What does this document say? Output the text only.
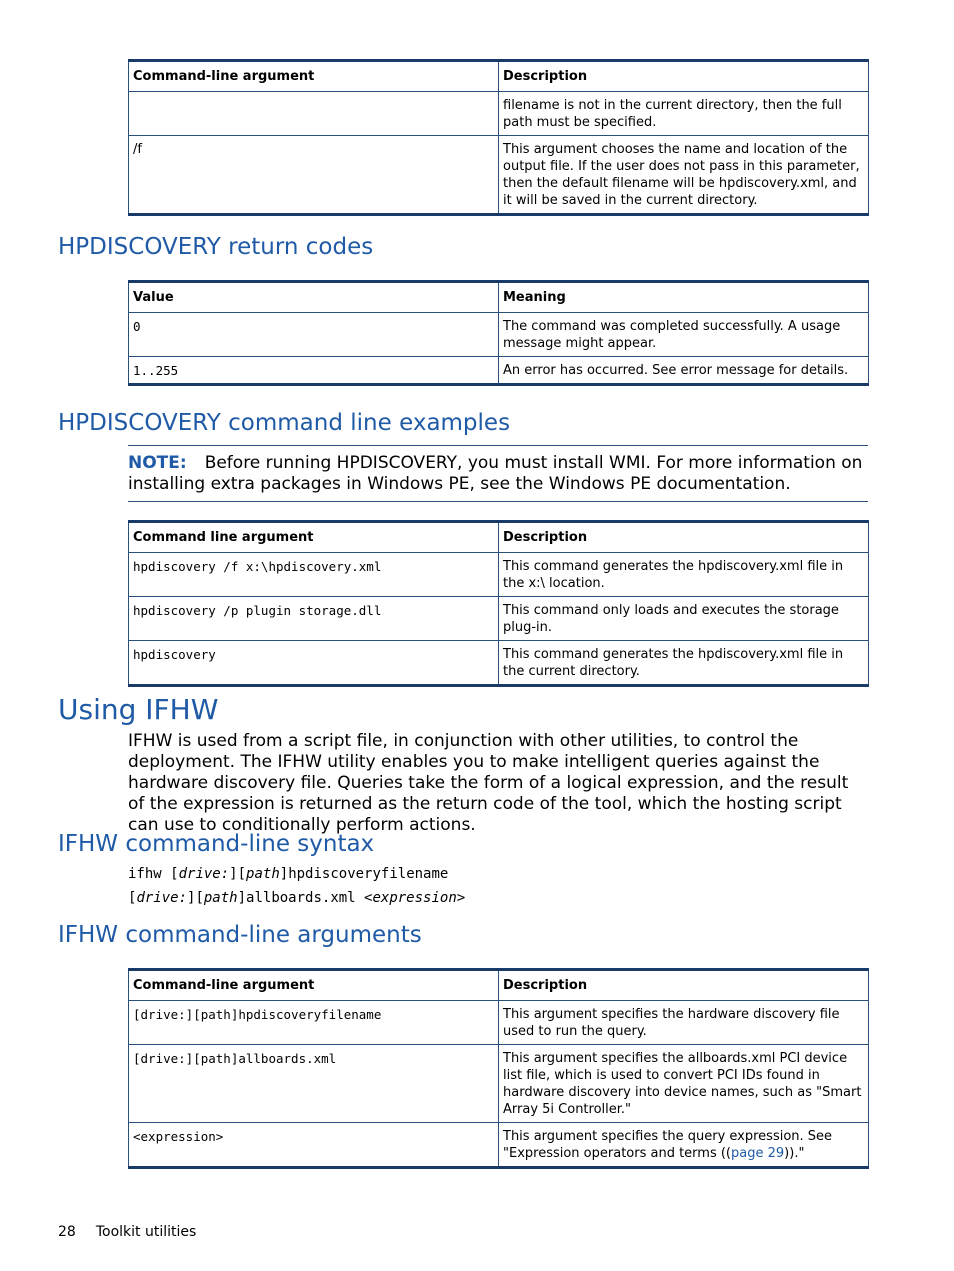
Command-line argument	Description
	filename is not in the current directory, then the full path must be specified.
/f	This argument chooses the name and location of the output file. If the user does not pass in this parameter, then the default filename will be hpdiscovery.xml, and it will be saved in the current directory.
HPDISCOVERY return codes
Value	Meaning
0	The command was completed successfully. A usage message might appear.
1..255	An error has occurred. See error message for details.
HPDISCOVERY command line examples
NOTE: Before running HPDISCOVERY, you must install WMI. For more information on installing extra packages in Windows PE, see the Windows PE documentation.
Command line argument	Description
hpdiscovery /f x:\hpdiscovery.xml	This command generates the hpdiscovery.xml file in the x:\ location.
hpdiscovery /p plugin storage.dll	This command only loads and executes the storage plug-in.
hpdiscovery	This command generates the hpdiscovery.xml file in the current directory.
Using IFHW

IFHW is used from a script file, in conjunction with other utilities, to control the deployment. The IFHW utility enables you to make intelligent queries against the hardware discovery file. Queries take the form of a logical expression, and the result of the expression is returned as the return code of the tool, which the hosting script can use to conditionally perform actions.

IFHW command-line syntax
ifhw [drive:][path]hpdiscoveryfilename
[drive:][path]allboards.xml <expression>
IFHW command-line arguments
Command-line argument	Description
[drive:][path]hpdiscoveryfilename	This argument specifies the hardware discovery file used to run the query.
[drive:][path]allboards.xml	This argument specifies the allboards.xml PCI device list file, which is used to convert PCI IDs found in hardware discovery into device names, such as "Smart Array 5i Controller."
<expression>	This argument specifies the query expression. See "Expression operators and terms ((page 29))."
28 Toolkit utilities
